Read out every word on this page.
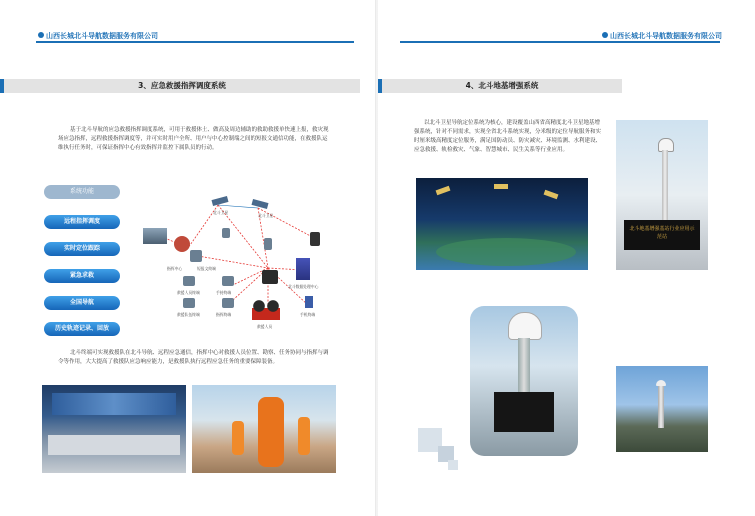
山西长城北斗导航数据服务有限公司
3、应急救援指挥调度系统
基于北斗导航的应急救援指挥调度系统，可用于救援体土、做高及周边辅助的救助救援单快速上报，救灾现场应急指挥，远程救援指挥调度等，并可实时用户全所、用户与中心控制端之间的短报文通信功能，在救援队运维执行任务时，可保证指挥中心有效指挥并监控下属队员的行动。
系统功能
远程指挥调度
实时定位跟踪
紧急求救
全国导航
历史轨迹记录、回放
北斗卫星
北斗卫星
指挥中心	短报文终端
救援人员终端	手持终端
救援队伍终端	指挥终端
北斗数据处理中心
手机终端
救援人员
北斗终端可实现救援队在北斗导航、远程应急通信，指挥中心对救援人员位置、勘察、任务协同与指挥与调令等作用，大大提高了救援队应急响应能力，是救援队执行远程应急任务的重要保障装备。
山西长城北斗导航数据服务有限公司
4、北斗地基增强系统
以北斗卫星导航定位系统为核心，建设覆盖山西省高精度北斗卫星地基增强系统，针对不同需求，实现全省北斗系统实现，分米级的定位导航服务和实时厘米级高精度定位服务，满足国防动员、防灾减灾、环境监测、水利建设、应急救援、轨检救灾、气象、智慧城市、民生关系等行业应用。
北斗地基增强基站行业应用示范站
